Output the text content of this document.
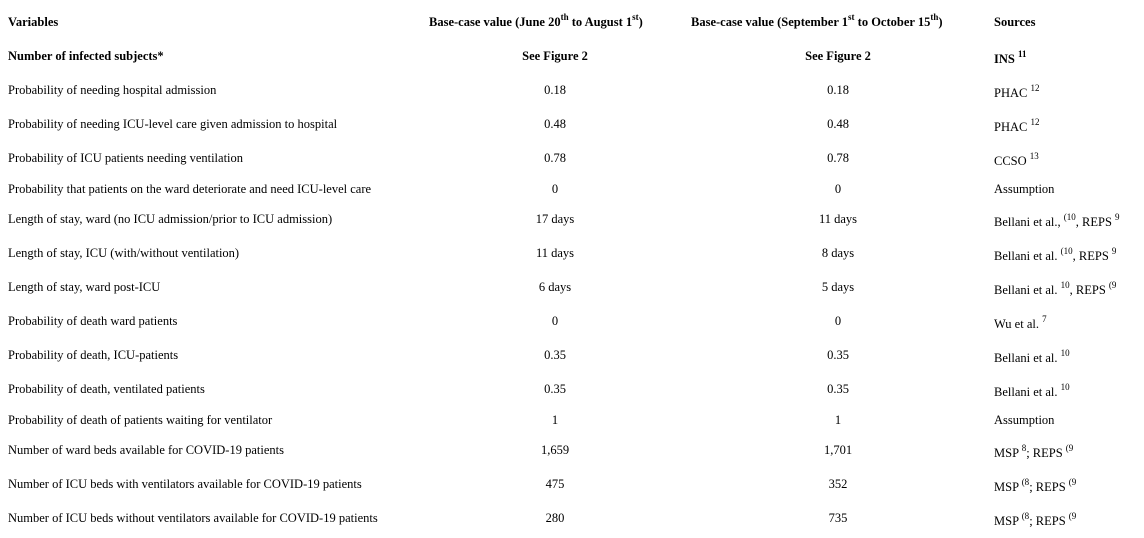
Variables	Base-case value (June 20th to August 1st)	Base-case value (September 1st to October 15th)	Sources
Number of infected subjects*	See Figure 2	See Figure 2	INS $^{11}$
Probability of needing hospital admission	0.18	0.18	PHAC $^{12}$
Probability of needing ICU-level care given admission to hospital	0.48	0.48	PHAC $^{12}$
Probability of ICU patients needing ventilation	0.78	0.78	CCSO $^{13}$
Probability that patients on the ward deteriorate and need ICU-level care	0	0	Assumption
Length of stay, ward (no ICU admission/prior to ICU admission)	17 days	11 days	Bellani et al., $^{(10}$, REPS $^9$
Length of stay, ICU (with/without ventilation)	11 days	8 days	Bellani et al. $^{(10}$, REPS $^9$
Length of stay, ward post-ICU	6 days	5 days	Bellani et al. $^{10}$, REPS $^{(9}$
Probability of death ward patients	0	0	Wu et al. $^7$
Probability of death, ICU-patients	0.35	0.35	Bellani et al. $^{10}$
Probability of death, ventilated patients	0.35	0.35	Bellani et al. $^{10}$
Probability of death of patients waiting for ventilator	1	1	Assumption
Number of ward beds available for COVID-19 patients	1,659	1,701	MSP $^8$; REPS $^{(9}$
Number of ICU beds with ventilators available for COVID-19 patients	475	352	MSP $^{(8}$; REPS $^{(9}$
Number of ICU beds without ventilators available for COVID-19 patients	280	735	MSP $^{(8}$; REPS $^{(9}$
